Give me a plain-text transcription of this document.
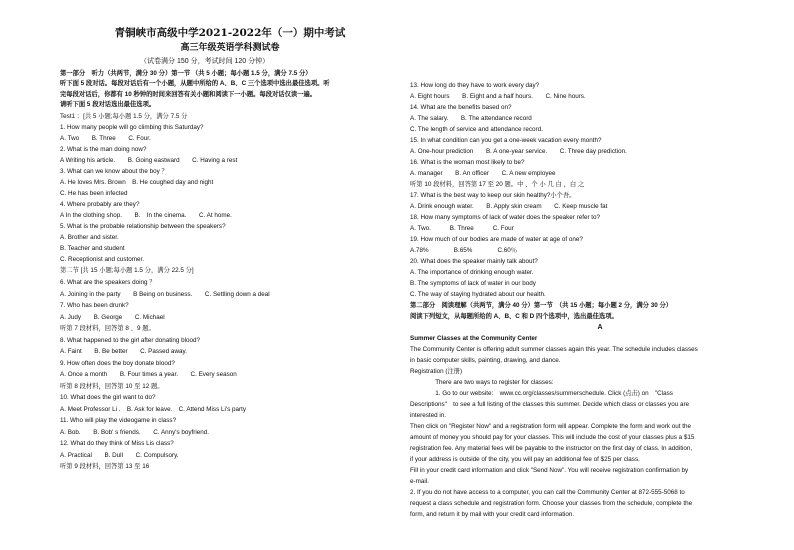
青铜峡市高级中学2021-2022年（一）期中考试
高三年级英语学科测试卷
（试卷满分 150 分，考试时间 120 分钟）
第一部分　听力（共两节，满分 30 分）第一节 （共 5 小题；每小题 1.5 分，满分 7.5 分）
听下面 5 段对话。每段对话后有一个小题，从题中所给的 A、B、C 三个选项中选出最佳选项。听
完每段对话后，你都有 10 秒钟的时间来回答有关小题和阅读下一小题。每段对话仅读一遍。
请听下面 5 段对话选出最佳选项。
Test1 ：[共 5 小题;每小题 1.5 分，满分 7.5 分
1. How many people will go climbing this Saturday?
A. Two　　B. Three　　C. Four.
2. What is the man doing now?
A Writing his article.　　B. Going eastward　　C. Having a rest
3. What can we know about the boy ？
A. He loves Mrs. Brown　B. He coughed day and night
C. He has been infected
4. Where probably are they?
A In the clothing shop.　　B.　In the cinema.　　C. At home.
5. What is the probable relationship between the speakers?
A. Brother and sister.
B. Teacher and student
C. Receptionist and customer.
第二节 [共 15 小题;每小题 1.5 分，满分 22.5 分]
6. What are the speakers doing ？
A. Joining in the party　　B Being on business.　　C. Settling down a deal
7. Who has been drunk?
A. Judy　　B. George　　C. Michael
听第 7 段材料，回答第 8 、9 题。
8. What happened to the girl after donating blood?
A. Faint　　B. Be better　　C. Passed away.
9. How often does the boy donate blood?
A. Once a month　　B. Four times a year.　　C. Every season
听第 8 段材料，回答第 10 至 12 题。
10. What does the girl want to do?
A. Meet Professor Li .　B. Ask for leave.　C. Attend Miss Li's party
11. Who will play the videogame in class?
A. Bob.　　B. Bob' s friends.　　C. Anny's boyfriend.
12. What do they think of Miss Lis class?
A. Practical　　B. Dull　　C. Compulsory.
听第 9 段材料，回答第 13 至 16
13. How long do they have to work every day?
A. Eight hours　　B. Eight and a half hours.　　C. Nine hours.
14. What are the benefits based on?
A. The salary.　　B. The attendance record
C. The length of service and attendance record.
15. In what condition can you get a one-week vacation every month?
A. One-hour prediction　　B. A one-year service.　　C. Three day prediction.
16. What is the woman most likely to be?
A. manager　　B. An officer　　C. A new employee
听第 10 段材料，回答第 17 至 20 题。中 、个 小 几 白 ，白 之
17. What is the best way to keep our skin healthy?小个吾。
A. Drink enough water.　　B. Apply skin cream　　C. Keep muscle fat
18. How many symptoms of lack of water does the speaker refer to?
A. Two.　　　B. Three　　　C. Four
19. How much of our bodies are made of water at age of one?
A.78%　　　　B.65%　　　　C.60％
20. What does the speaker mainly talk about?
A. The importance of drinking enough water.
B. The symptoms of lack of water in our body
C. The way of staying hydrated about our health.
第二部分　阅读理解（共两节，满分 40 分）第一节　（共 15 小题；每小题 2 分，满分 30 分）
阅读下列短文，从每题所给的 A、B、C 和 D 四个选项中，选出最佳选项。
A
Summer Classes at the Community Center
The Community Center is offering adult summer classes again this year. The schedule includes classes
in basic computer skills, painting, drawing, and dance.
Registration (注册)
　　　　There are two ways to register for classes:
　　　　1. Go to our website:　www.cc.org/classes/summerschedule. Click (点击) on　"Class
Descriptions"　to see a full listing of the classes this summer. Decide which class or classes you are
interested in.
Then click on "Register Now" and a registration form will appear. Complete the form and work out the
amount of money you should pay for your classes. This will include the cost of your classes plus a $15
registration fee. Any material fees will be payable to the instructor on the first day of class. In addition,
if your address is outside of the city, you will pay an additional fee of $25 per class.
Fill in your credit card information and click "Send Now". You will receive registration confirmation by
e-mail.
2. If you do not have access to a computer, you can call the Community Center at 872-555-5068 to
request a class schedule and registration form. Choose your classes from the schedule, complete the
form, and return it by mail with your credit card information.
